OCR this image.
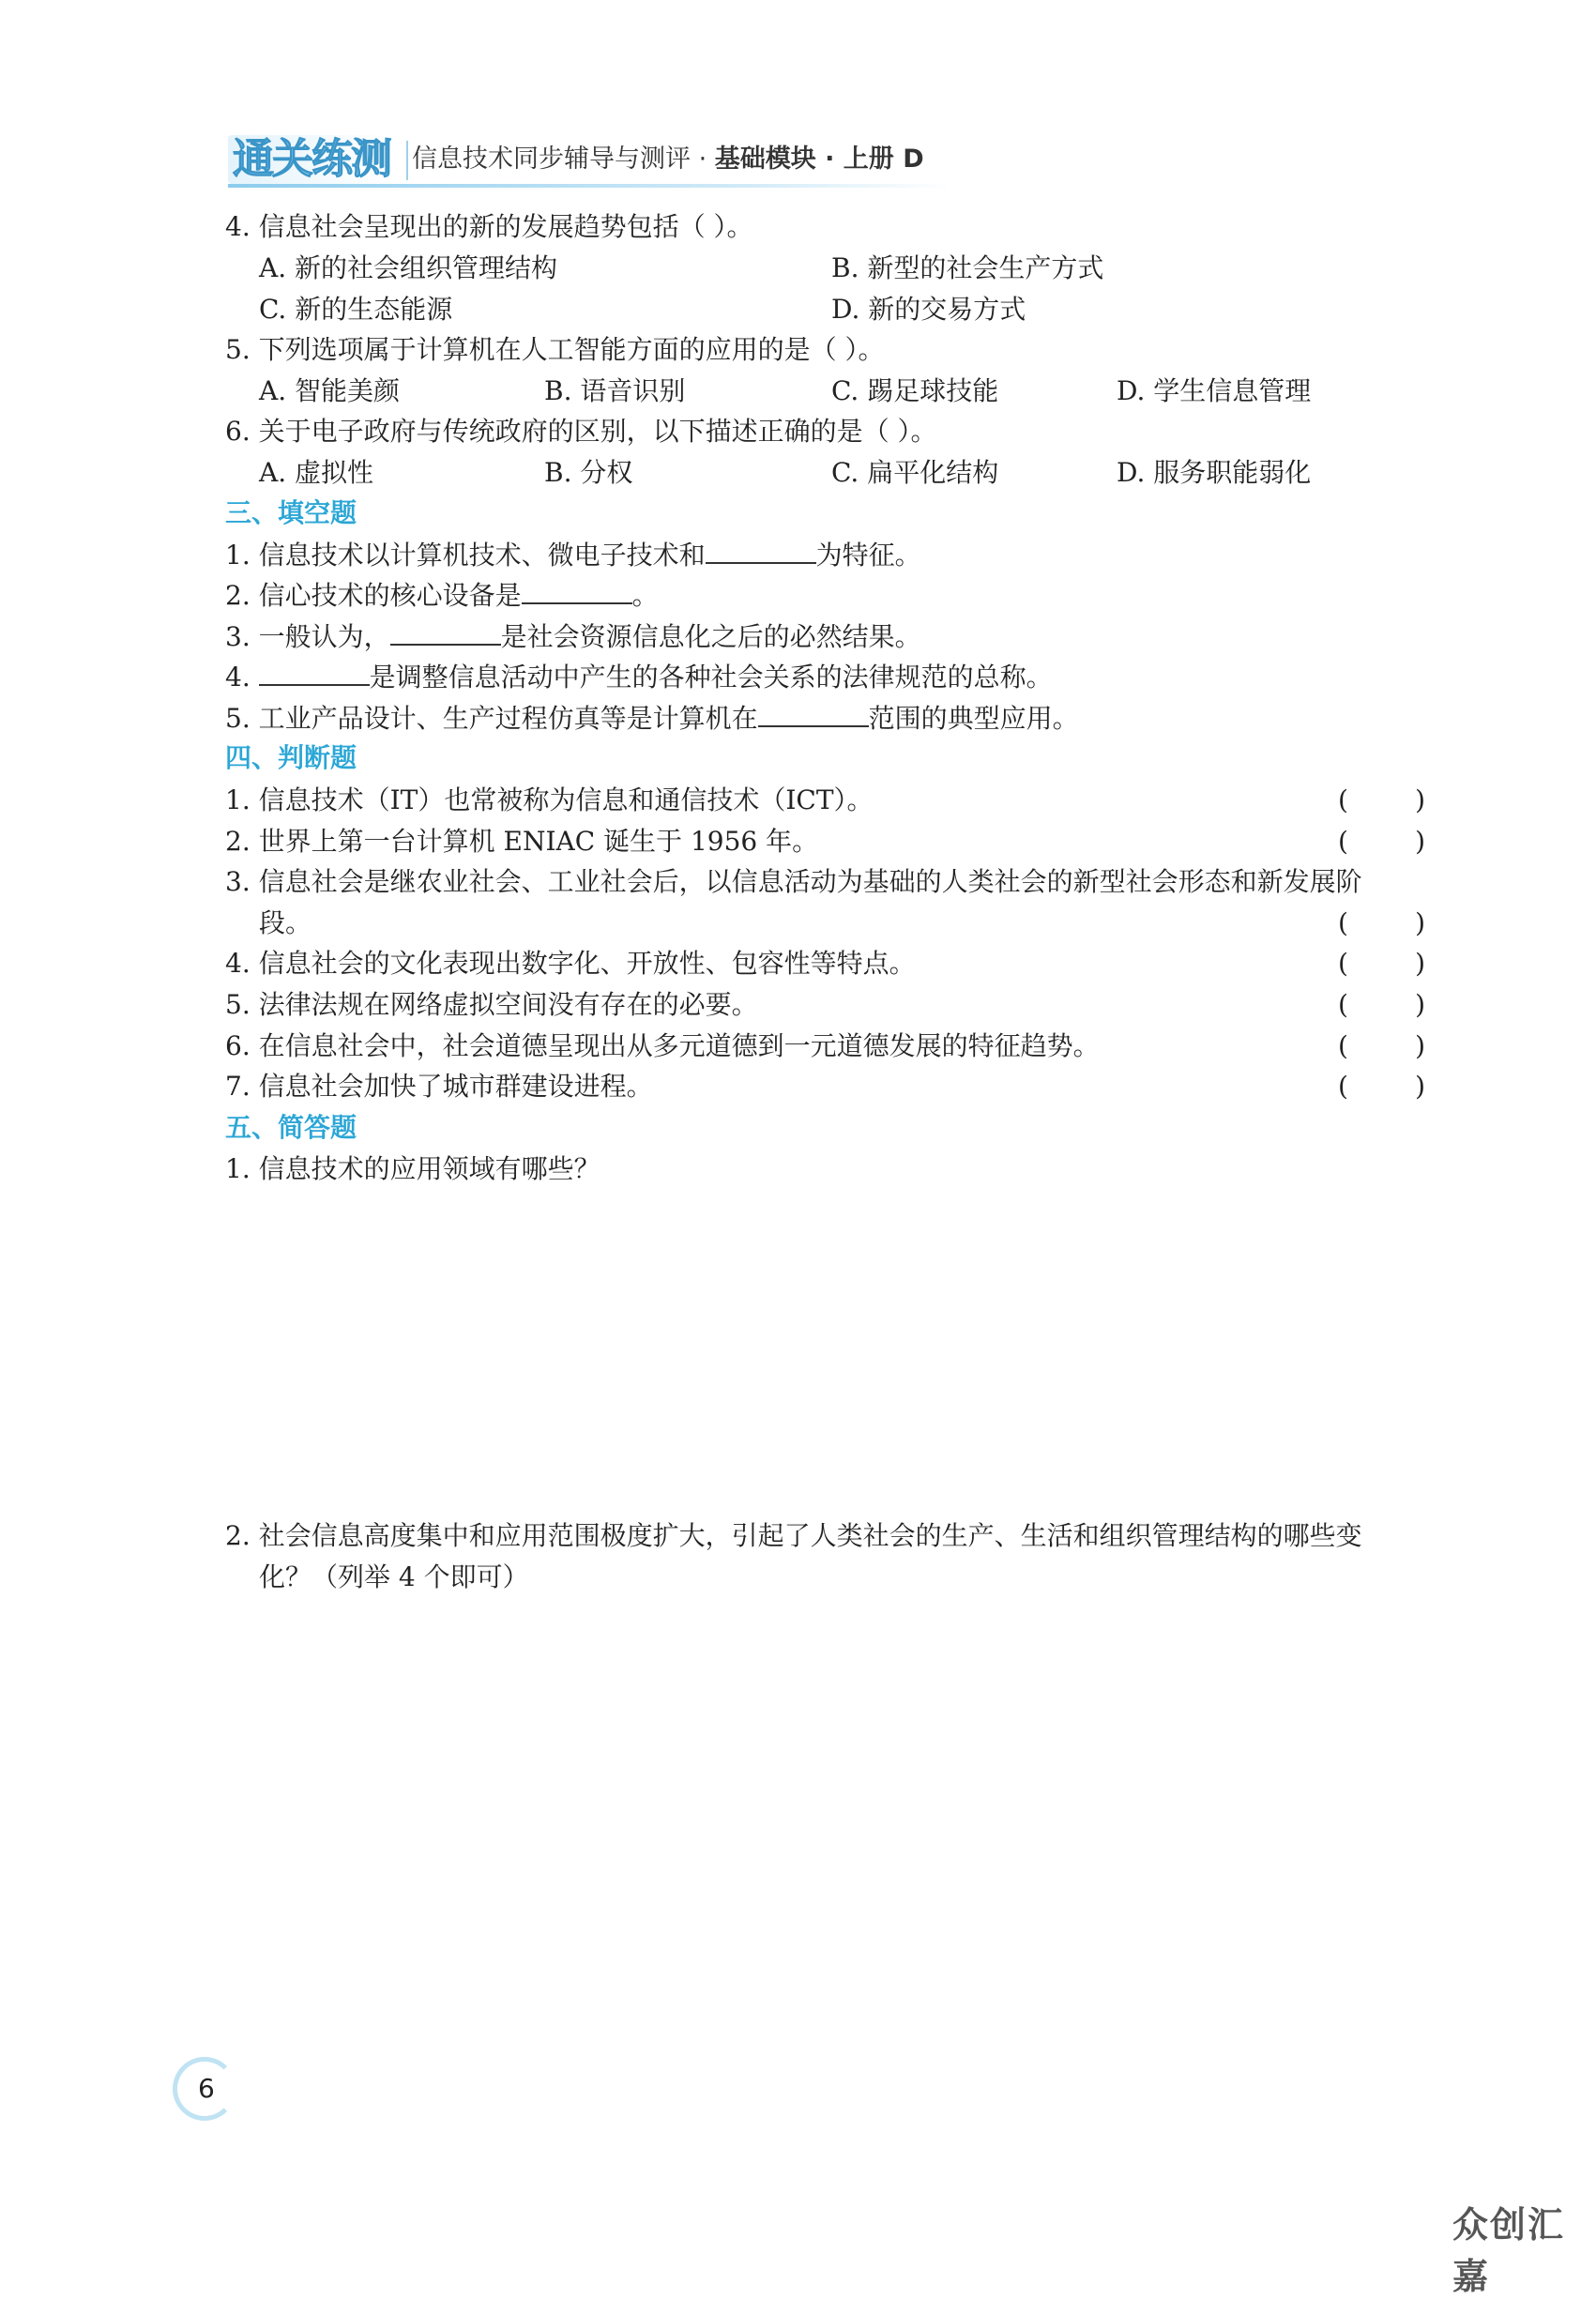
通关练测 信息技术同步辅导与测评 · 基础模块 · 上册 D
4. 信息社会呈现出的新的发展趋势包括（ ）。
A. 新的社会组织管理结构	B. 新型的社会生产方式
C. 新的生态能源	D. 新的交易方式
5. 下列选项属于计算机在人工智能方面的应用的是（ ）。
A. 智能美颜	B. 语音识别	C. 踢足球技能	D. 学生信息管理
6. 关于电子政府与传统政府的区别，以下描述正确的是（ ）。
A. 虚拟性	B. 分权	C. 扁平化结构	D. 服务职能弱化
三、填空题
1. 信息技术以计算机技术、微电子技术和	为特征。
2. 信心技术的核心设备是	。
3. 一般认为，	是社会资源信息化之后的必然结果。
4.	是调整信息活动中产生的各种社会关系的法律规范的总称。
5. 工业产品设计、生产过程仿真等是计算机在	范围的典型应用。
四、判断题
1. 信息技术（IT）也常被称为信息和通信技术（ICT）。	(        )
2. 世界上第一台计算机 ENIAC 诞生于 1956 年。	(        )
3. 信息社会是继农业社会、工业社会后，以信息活动为基础的人类社会的新型社会形态和新发展阶
段。	(        )
4. 信息社会的文化表现出数字化、开放性、包容性等特点。	(        )
5. 法律法规在网络虚拟空间没有存在的必要。	(        )
6. 在信息社会中，社会道德呈现出从多元道德到一元道德发展的特征趋势。	(        )
7. 信息社会加快了城市群建设进程。	(        )
五、简答题
1. 信息技术的应用领域有哪些？
2. 社会信息高度集中和应用范围极度扩大，引起了人类社会的生产、生活和组织管理结构的哪些变
化？（列举 4 个即可）
6
众创汇嘉
